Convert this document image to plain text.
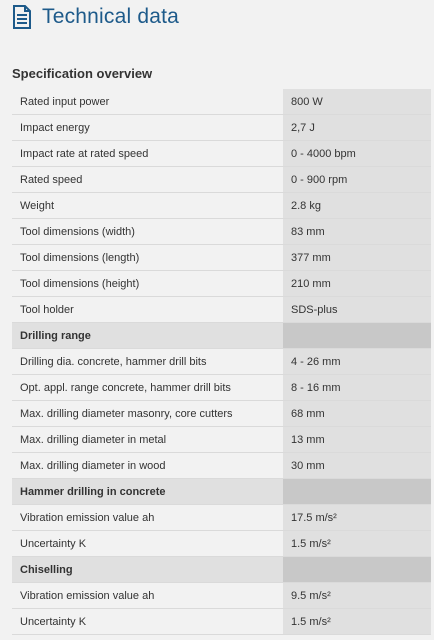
Technical data
Specification overview
Rated input power	800 W
Impact energy	2,7 J
Impact rate at rated speed	0 - 4000 bpm
Rated speed	0 - 900 rpm
Weight	2.8 kg
Tool dimensions (width)	83 mm
Tool dimensions (length)	377 mm
Tool dimensions (height)	210 mm
Tool holder	SDS-plus
Drilling range
Drilling dia. concrete, hammer drill bits	4 - 26 mm
Opt. appl. range concrete, hammer drill bits	8 - 16 mm
Max. drilling diameter masonry, core cutters	68 mm
Max. drilling diameter in metal	13 mm
Max. drilling diameter in wood	30 mm
Hammer drilling in concrete
Vibration emission value ah	17.5 m/s²
Uncertainty K	1.5 m/s²
Chiselling
Vibration emission value ah	9.5 m/s²
Uncertainty K	1.5 m/s²
